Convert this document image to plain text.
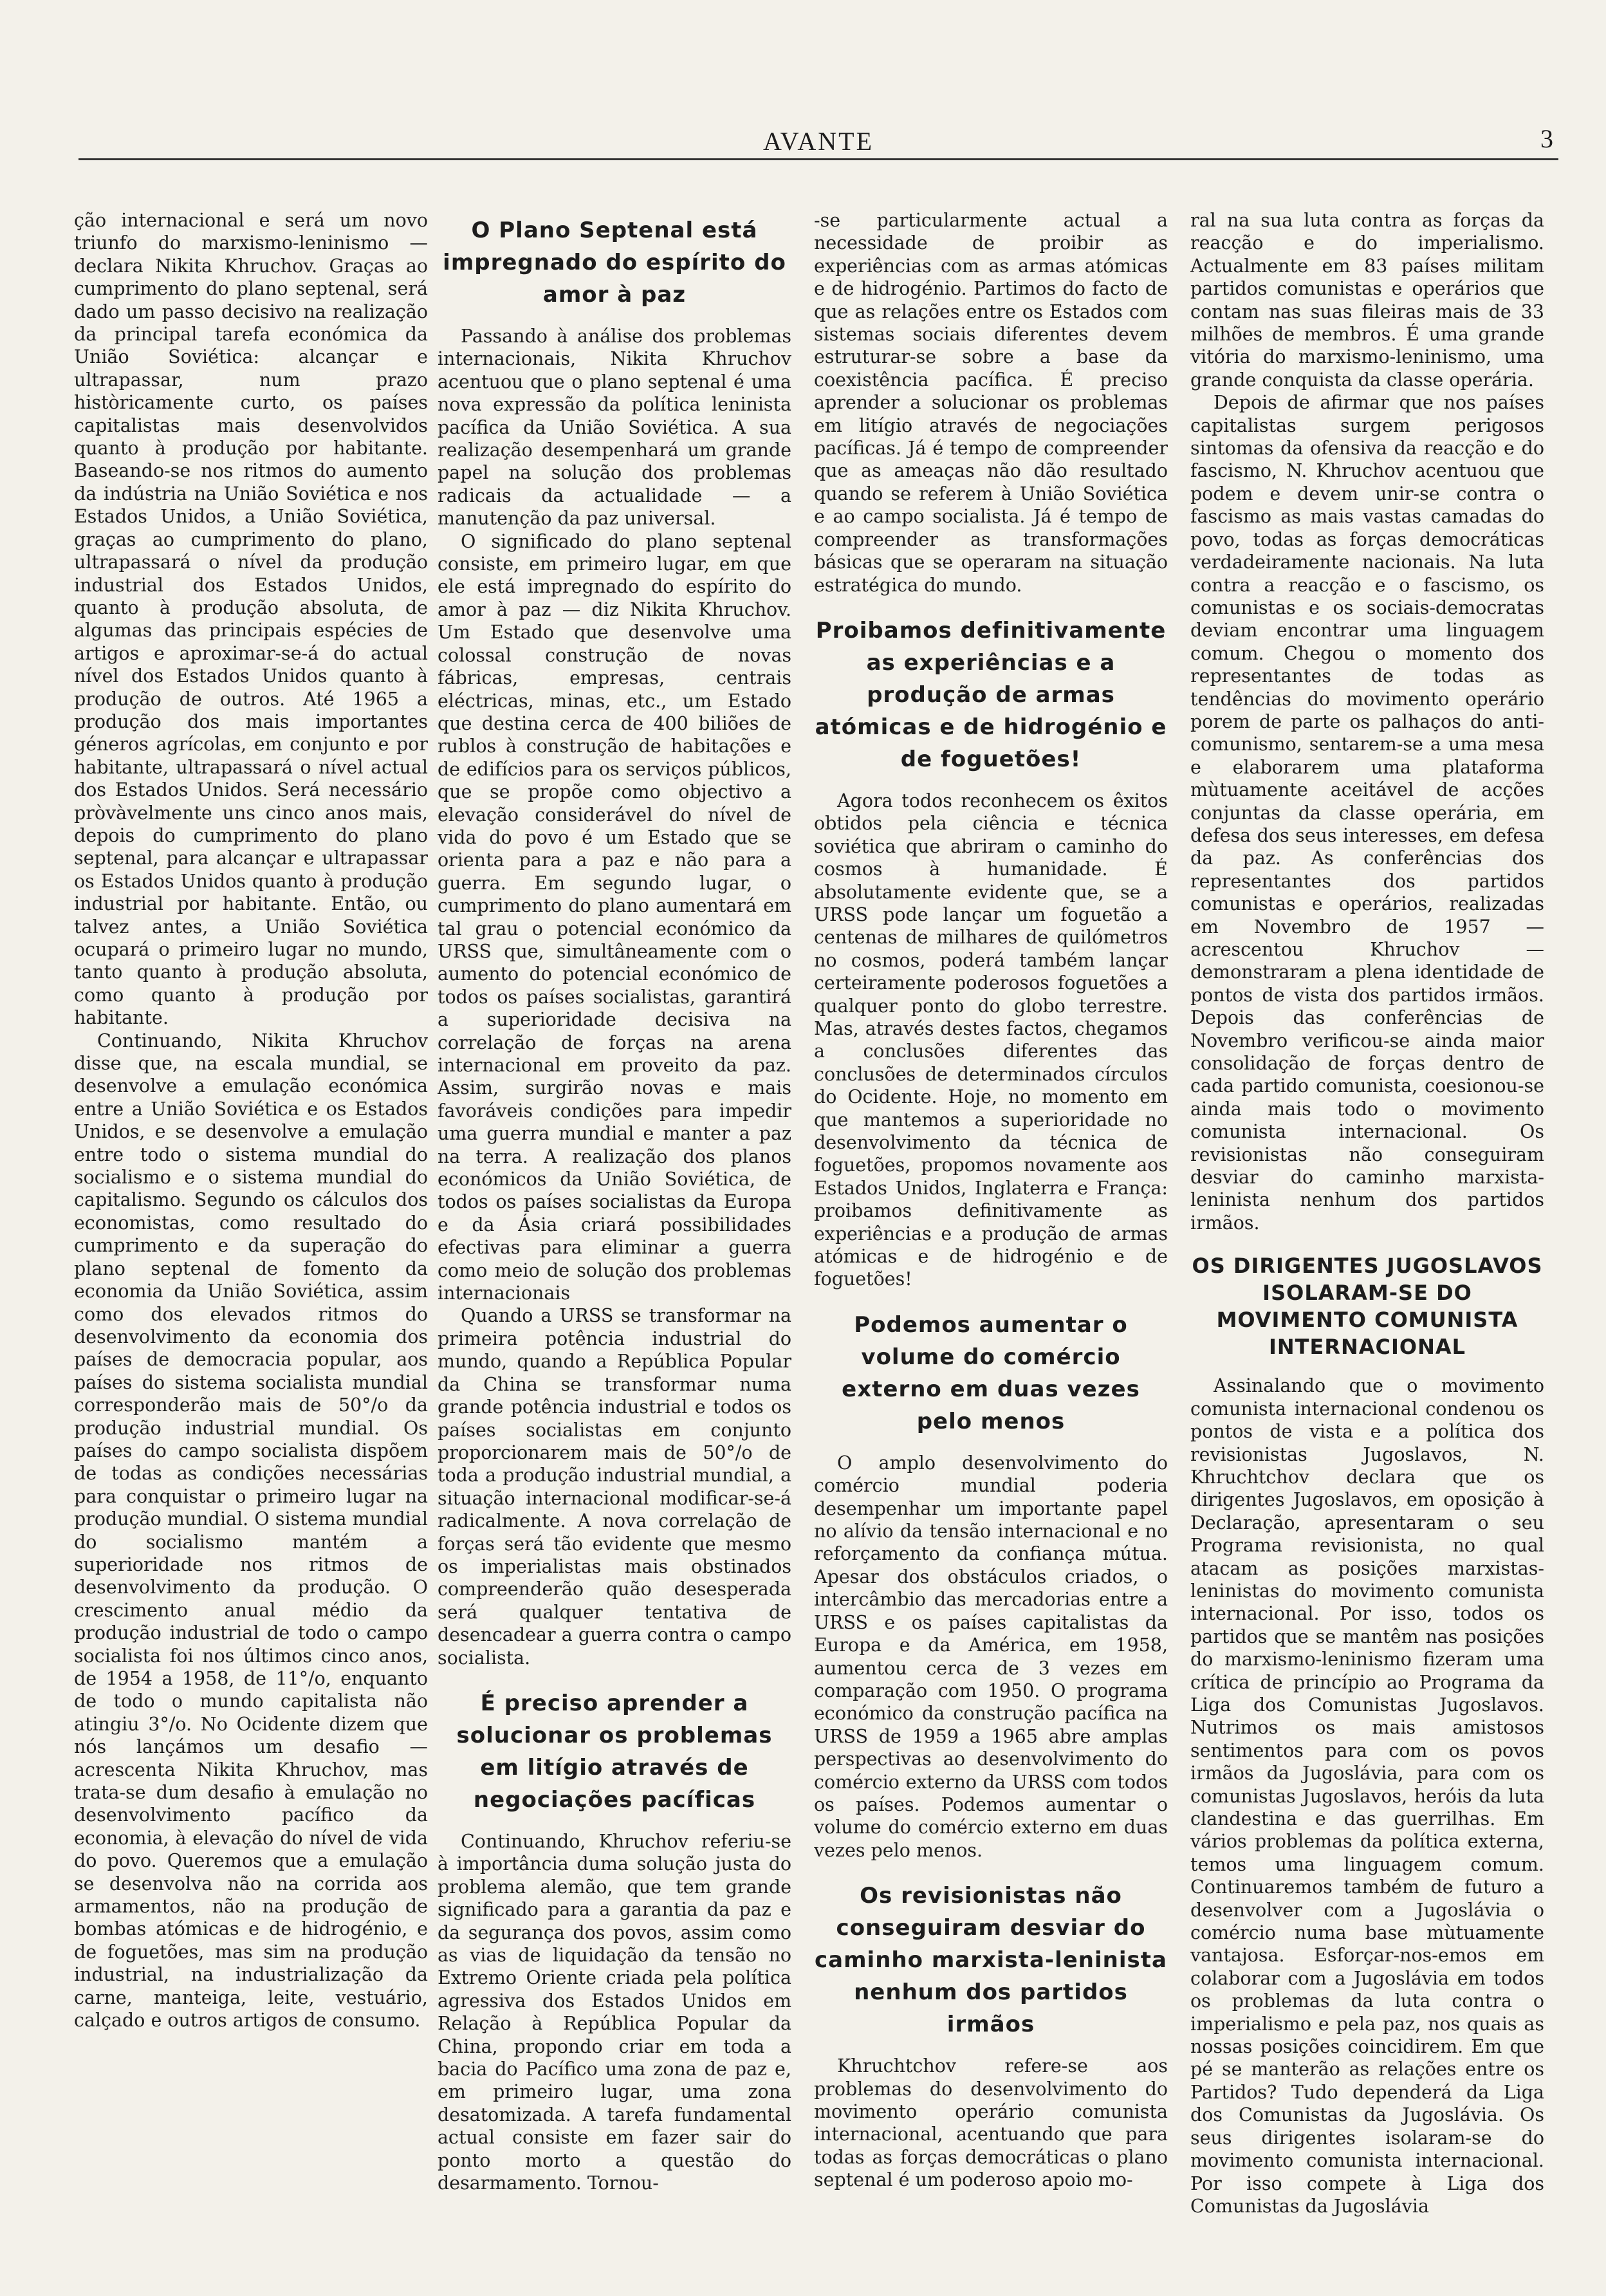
AVANTE	3

ção internacional e será um novo triunfo do marxismo-leninismo — declara Nikita Khruchov. Graças ao cumprimento do plano septenal, será dado um passo decisivo na realização da principal tarefa económica da União Soviética: alcançar e ultrapassar, num prazo històricamente curto, os países capitalistas mais desenvolvidos quanto à produção por habitante. Baseando-se nos ritmos do aumento da indústria na União Soviética e nos Estados Unidos, a União Soviética, graças ao cumprimento do plano, ultrapassará o nível da produção industrial dos Estados Unidos, quanto à produção absoluta, de algumas das principais espécies de artigos e aproximar-se-á do actual nível dos Estados Unidos quanto à produção de outros. Até 1965 a produção dos mais importantes géneros agrícolas, em conjunto e por habitante, ultrapassará o nível actual dos Estados Unidos. Será necessário pròvàvelmente uns cinco anos mais, depois do cumprimento do plano septenal, para alcançar e ultrapassar os Estados Unidos quanto à produção industrial por habitante. Então, ou talvez antes, a União Soviética ocupará o primeiro lugar no mundo, tanto quanto à produção absoluta, como quanto à produção por habitante.

Continuando, Nikita Khruchov disse que, na escala mundial, se desenvolve a emulação económica entre a União Soviética e os Estados Unidos, e se desenvolve a emulação entre todo o sistema mundial do socialismo e o sistema mundial do capitalismo. Segundo os cálculos dos economistas, como resultado do cumprimento e da superação do plano septenal de fomento da economia da União Soviética, assim como dos elevados ritmos do desenvolvimento da economia dos países de democracia popular, aos países do sistema socialista mundial corresponderão mais de 50°/o da produção industrial mundial. Os países do campo socialista dispõem de todas as condições necessárias para conquistar o primeiro lugar na produção mundial. O sistema mundial do socialismo mantém a superioridade nos ritmos de desenvolvimento da produção. O crescimento anual médio da produção industrial de todo o campo socialista foi nos últimos cinco anos, de 1954 a 1958, de 11°/o, enquanto de todo o mundo capitalista não atingiu 3°/o. No Ocidente dizem que nós lançámos um desafio — acrescenta Nikita Khruchov, mas trata-se dum desafio à emulação no desenvolvimento pacífico da economia, à elevação do nível de vida do povo. Queremos que a emulação se desenvolva não na corrida aos armamentos, não na produção de bombas atómicas e de hidrogénio, e de foguetões, mas sim na produção industrial, na industrialização da carne, manteiga, leite, vestuário, calçado e outros artigos de consumo.

O Plano Septenal está impregnado do espírito do amor à paz

Passando à análise dos problemas internacionais, Nikita Khruchov acentuou que o plano septenal é uma nova expressão da política leninista pacífica da União Soviética. A sua realização desempenhará um grande papel na solução dos problemas radicais da actualidade — a manutenção da paz universal.

O significado do plano septenal consiste, em primeiro lugar, em que ele está impregnado do espírito do amor à paz — diz Nikita Khruchov. Um Estado que desenvolve uma colossal construção de novas fábricas, empresas, centrais eléctricas, minas, etc., um Estado que destina cerca de 400 biliões de rublos à construção de habitações e de edifícios para os serviços públicos, que se propõe como objectivo a elevação considerável do nível de vida do povo é um Estado que se orienta para a paz e não para a guerra. Em segundo lugar, o cumprimento do plano aumentará em tal grau o potencial económico da URSS que, simultâneamente com o aumento do potencial económico de todos os países socialistas, garantirá a superioridade decisiva na correlação de forças na arena internacional em proveito da paz. Assim, surgirão novas e mais favoráveis condições para impedir uma guerra mundial e manter a paz na terra. A realização dos planos económicos da União Soviética, de todos os países socialistas da Europa e da Ásia criará possibilidades efectivas para eliminar a guerra como meio de solução dos problemas internacionais

Quando a URSS se transformar na primeira potência industrial do mundo, quando a República Popular da China se transformar numa grande potência industrial e todos os países socialistas em conjunto proporcionarem mais de 50°/o de toda a produção industrial mundial, a situação internacional modificar-se-á radicalmente. A nova correlação de forças será tão evidente que mesmo os imperialistas mais obstinados compreenderão quão desesperada será qualquer tentativa de desencadear a guerra contra o campo socialista.

É preciso aprender a solucionar os problemas em litígio através de negociações pacíficas

Continuando, Khruchov referiu-se à importância duma solução justa do problema alemão, que tem grande significado para a garantia da paz e da segurança dos povos, assim como as vias de liquidação da tensão no Extremo Oriente criada pela política agressiva dos Estados Unidos em Relação à República Popular da China, propondo criar em toda a bacia do Pacífico uma zona de paz e, em primeiro lugar, uma zona desatomizada. A tarefa fundamental actual consiste em fazer sair do ponto morto a questão do desarmamento. Tornou-

-se particularmente actual a necessidade de proibir as experiências com as armas atómicas e de hidrogénio. Partimos do facto de que as relações entre os Estados com sistemas sociais diferentes devem estruturar-se sobre a base da coexistência pacífica. É preciso aprender a solucionar os problemas em litígio através de negociações pacíficas. Já é tempo de compreender que as ameaças não dão resultado quando se referem à União Soviética e ao campo socialista. Já é tempo de compreender as transformações básicas que se operaram na situação estratégica do mundo.

Proibamos definitivamente as experiências e a produção de armas atómicas e de hidrogénio e de foguetões!

Agora todos reconhecem os êxitos obtidos pela ciência e técnica soviética que abriram o caminho do cosmos à humanidade. É absolutamente evidente que, se a URSS pode lançar um foguetão a centenas de milhares de quilómetros no cosmos, poderá também lançar certeiramente poderosos foguetões a qualquer ponto do globo terrestre. Mas, através destes factos, chegamos a conclusões diferentes das conclusões de determinados círculos do Ocidente. Hoje, no momento em que mantemos a superioridade no desenvolvimento da técnica de foguetões, propomos novamente aos Estados Unidos, Inglaterra e França: proibamos definitivamente as experiências e a produção de armas atómicas e de hidrogénio e de foguetões!

Podemos aumentar o volume do comércio externo em duas vezes pelo menos

O amplo desenvolvimento do comércio mundial poderia desempenhar um importante papel no alívio da tensão internacional e no reforçamento da confiança mútua. Apesar dos obstáculos criados, o intercâmbio das mercadorias entre a URSS e os países capitalistas da Europa e da América, em 1958, aumentou cerca de 3 vezes em comparação com 1950. O programa económico da construção pacífica na URSS de 1959 a 1965 abre amplas perspectivas ao desenvolvimento do comércio externo da URSS com todos os países. Podemos aumentar o volume do comércio externo em duas vezes pelo menos.

Os revisionistas não conseguiram desviar do caminho marxista-leninista nenhum dos partidos irmãos

Khruchtchov refere-se aos problemas do desenvolvimento do movimento operário comunista internacional, acentuando que para todas as forças democráticas o plano septenal é um poderoso apoio mo-

ral na sua luta contra as forças da reacção e do imperialismo. Actualmente em 83 países militam partidos comunistas e operários que contam nas suas fileiras mais de 33 milhões de membros. É uma grande vitória do marxismo-leninismo, uma grande conquista da classe operária.

Depois de afirmar que nos países capitalistas surgem perigosos sintomas da ofensiva da reacção e do fascismo, N. Khruchov acentuou que podem e devem unir-se contra o fascismo as mais vastas camadas do povo, todas as forças democráticas verdadeiramente nacionais. Na luta contra a reacção e o fascismo, os comunistas e os sociais-democratas deviam encontrar uma linguagem comum. Chegou o momento dos representantes de todas as tendências do movimento operário porem de parte os palhaços do anti-comunismo, sentarem-se a uma mesa e elaborarem uma plataforma mùtuamente aceitável de acções conjuntas da classe operária, em defesa dos seus interesses, em defesa da paz. As conferências dos representantes dos partidos comunistas e operários, realizadas em Novembro de 1957 — acrescentou Khruchov — demonstraram a plena identidade de pontos de vista dos partidos irmãos. Depois das conferências de Novembro verificou-se ainda maior consolidação de forças dentro de cada partido comunista, coesionou-se ainda mais todo o movimento comunista internacional. Os revisionistas não conseguiram desviar do caminho marxista-leninista nenhum dos partidos irmãos.

OS DIRIGENTES JUGOSLAVOS ISOLARAM-SE DO MOVIMENTO COMUNISTA INTERNACIONAL

Assinalando que o movimento comunista internacional condenou os pontos de vista e a política dos revisionistas Jugoslavos, N. Khruchtchov declara que os dirigentes Jugoslavos, em oposição à Declaração, apresentaram o seu Programa revisionista, no qual atacam as posições marxistas-leninistas do movimento comunista internacional. Por isso, todos os partidos que se mantêm nas posições do marxismo-leninismo fizeram uma crítica de princípio ao Programa da Liga dos Comunistas Jugoslavos. Nutrimos os mais amistosos sentimentos para com os povos irmãos da Jugoslávia, para com os comunistas Jugoslavos, heróis da luta clandestina e das guerrilhas. Em vários problemas da política externa, temos uma linguagem comum. Continuaremos também de futuro a desenvolver com a Jugoslávia o comércio numa base mùtuamente vantajosa. Esforçar-nos-emos em colaborar com a Jugoslávia em todos os problemas da luta contra o imperialismo e pela paz, nos quais as nossas posições coincidirem. Em que pé se manterão as relações entre os Partidos? Tudo dependerá da Liga dos Comunistas da Jugoslávia. Os seus dirigentes isolaram-se do movimento comunista internacional. Por isso compete à Liga dos Comunistas da Jugoslávia
